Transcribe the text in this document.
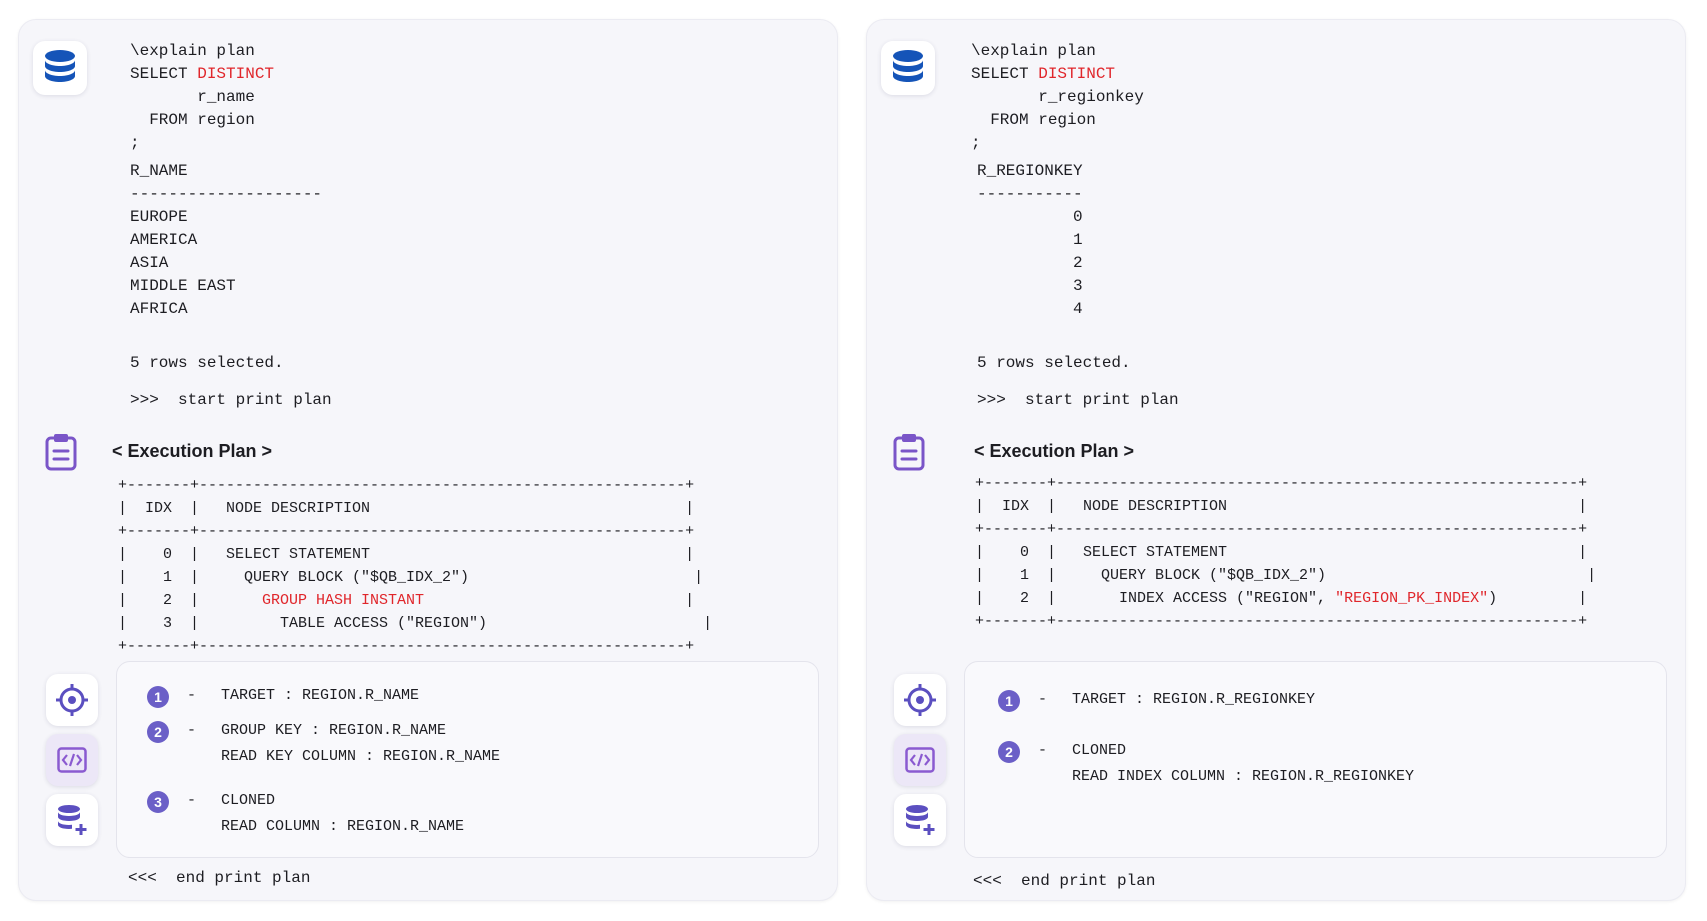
\explain plan
SELECT DISTINCT
r_name
FROM region
;
R_NAME
--------------------
EUROPE
AMERICA
ASIA
MIDDLE EAST
AFRICA
5 rows selected.
>>>  start print plan
< Execution Plan >
+-------+------------------------------------------------------+
|  IDX  |   NODE DESCRIPTION                                   |
+-------+------------------------------------------------------+
|    0  |   SELECT STATEMENT                                   |
|    1  |     QUERY BLOCK ("$QB_IDX_2")                         |
|    2  |       GROUP HASH INSTANT                             |
|    3  |         TABLE ACCESS ("REGION")                        |
+-------+------------------------------------------------------+
1	- TARGET : REGION.R_NAME
2	- GROUP KEY : REGION.R_NAME
READ KEY COLUMN : REGION.R_NAME
3	- CLONED
READ COLUMN : REGION.R_NAME
<<<  end print plan
\explain plan
SELECT DISTINCT
r_regionkey
FROM region
;
R_REGIONKEY
-----------
0
1
2
3
4
5 rows selected.
>>>  start print plan
< Execution Plan >
+-------+----------------------------------------------------------+
|  IDX  |   NODE DESCRIPTION                                       |
+-------+----------------------------------------------------------+
|    0  |   SELECT STATEMENT                                       |
|    1  |     QUERY BLOCK ("$QB_IDX_2")                             |
|    2  |       INDEX ACCESS ("REGION", "REGION_PK_INDEX")         |
+-------+----------------------------------------------------------+
1	- TARGET : REGION.R_REGIONKEY
2	- CLONED
READ INDEX COLUMN : REGION.R_REGIONKEY
<<<  end print plan
